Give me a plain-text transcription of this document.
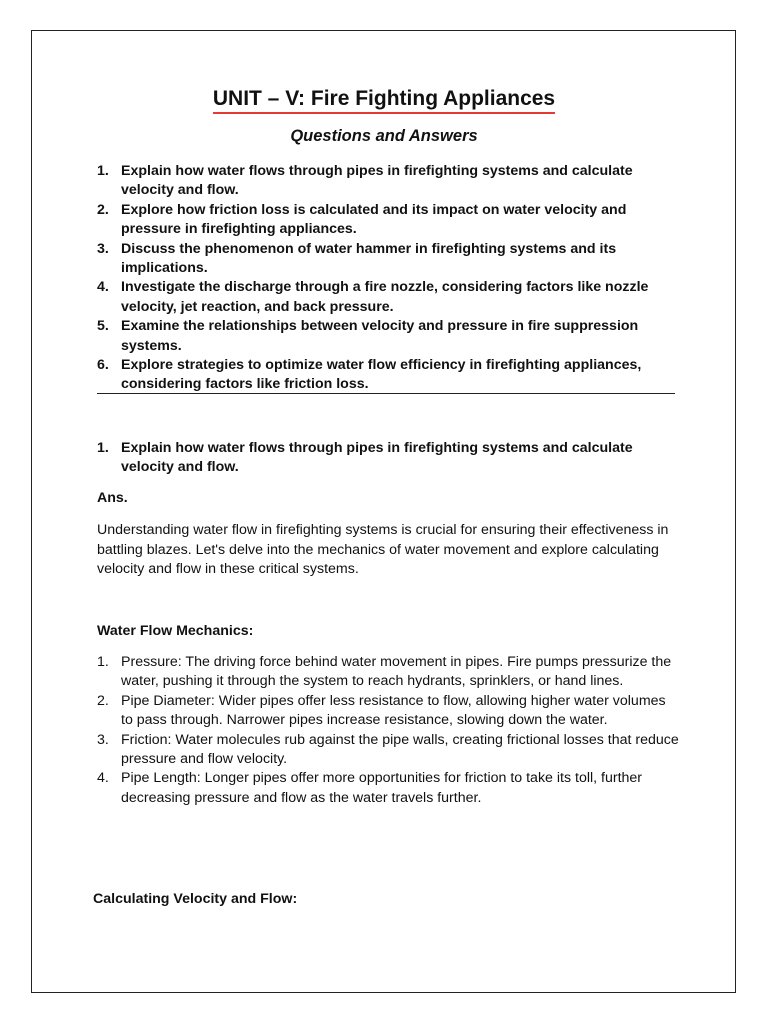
UNIT – V: Fire Fighting Appliances
Questions and Answers
1. Explain how water flows through pipes in firefighting systems and calculate velocity and flow.
2. Explore how friction loss is calculated and its impact on water velocity and pressure in firefighting appliances.
3. Discuss the phenomenon of water hammer in firefighting systems and its implications.
4. Investigate the discharge through a fire nozzle, considering factors like nozzle velocity, jet reaction, and back pressure.
5. Examine the relationships between velocity and pressure in fire suppression systems.
6. Explore strategies to optimize water flow efficiency in firefighting appliances, considering factors like friction loss.
1. Explain how water flows through pipes in firefighting systems and calculate velocity and flow.
Ans.
Understanding water flow in firefighting systems is crucial for ensuring their effectiveness in battling blazes. Let's delve into the mechanics of water movement and explore calculating velocity and flow in these critical systems.
Water Flow Mechanics:
1. Pressure: The driving force behind water movement in pipes. Fire pumps pressurize the water, pushing it through the system to reach hydrants, sprinklers, or hand lines.
2. Pipe Diameter: Wider pipes offer less resistance to flow, allowing higher water volumes to pass through. Narrower pipes increase resistance, slowing down the water.
3. Friction: Water molecules rub against the pipe walls, creating frictional losses that reduce pressure and flow velocity.
4. Pipe Length: Longer pipes offer more opportunities for friction to take its toll, further decreasing pressure and flow as the water travels further.
Calculating Velocity and Flow:
